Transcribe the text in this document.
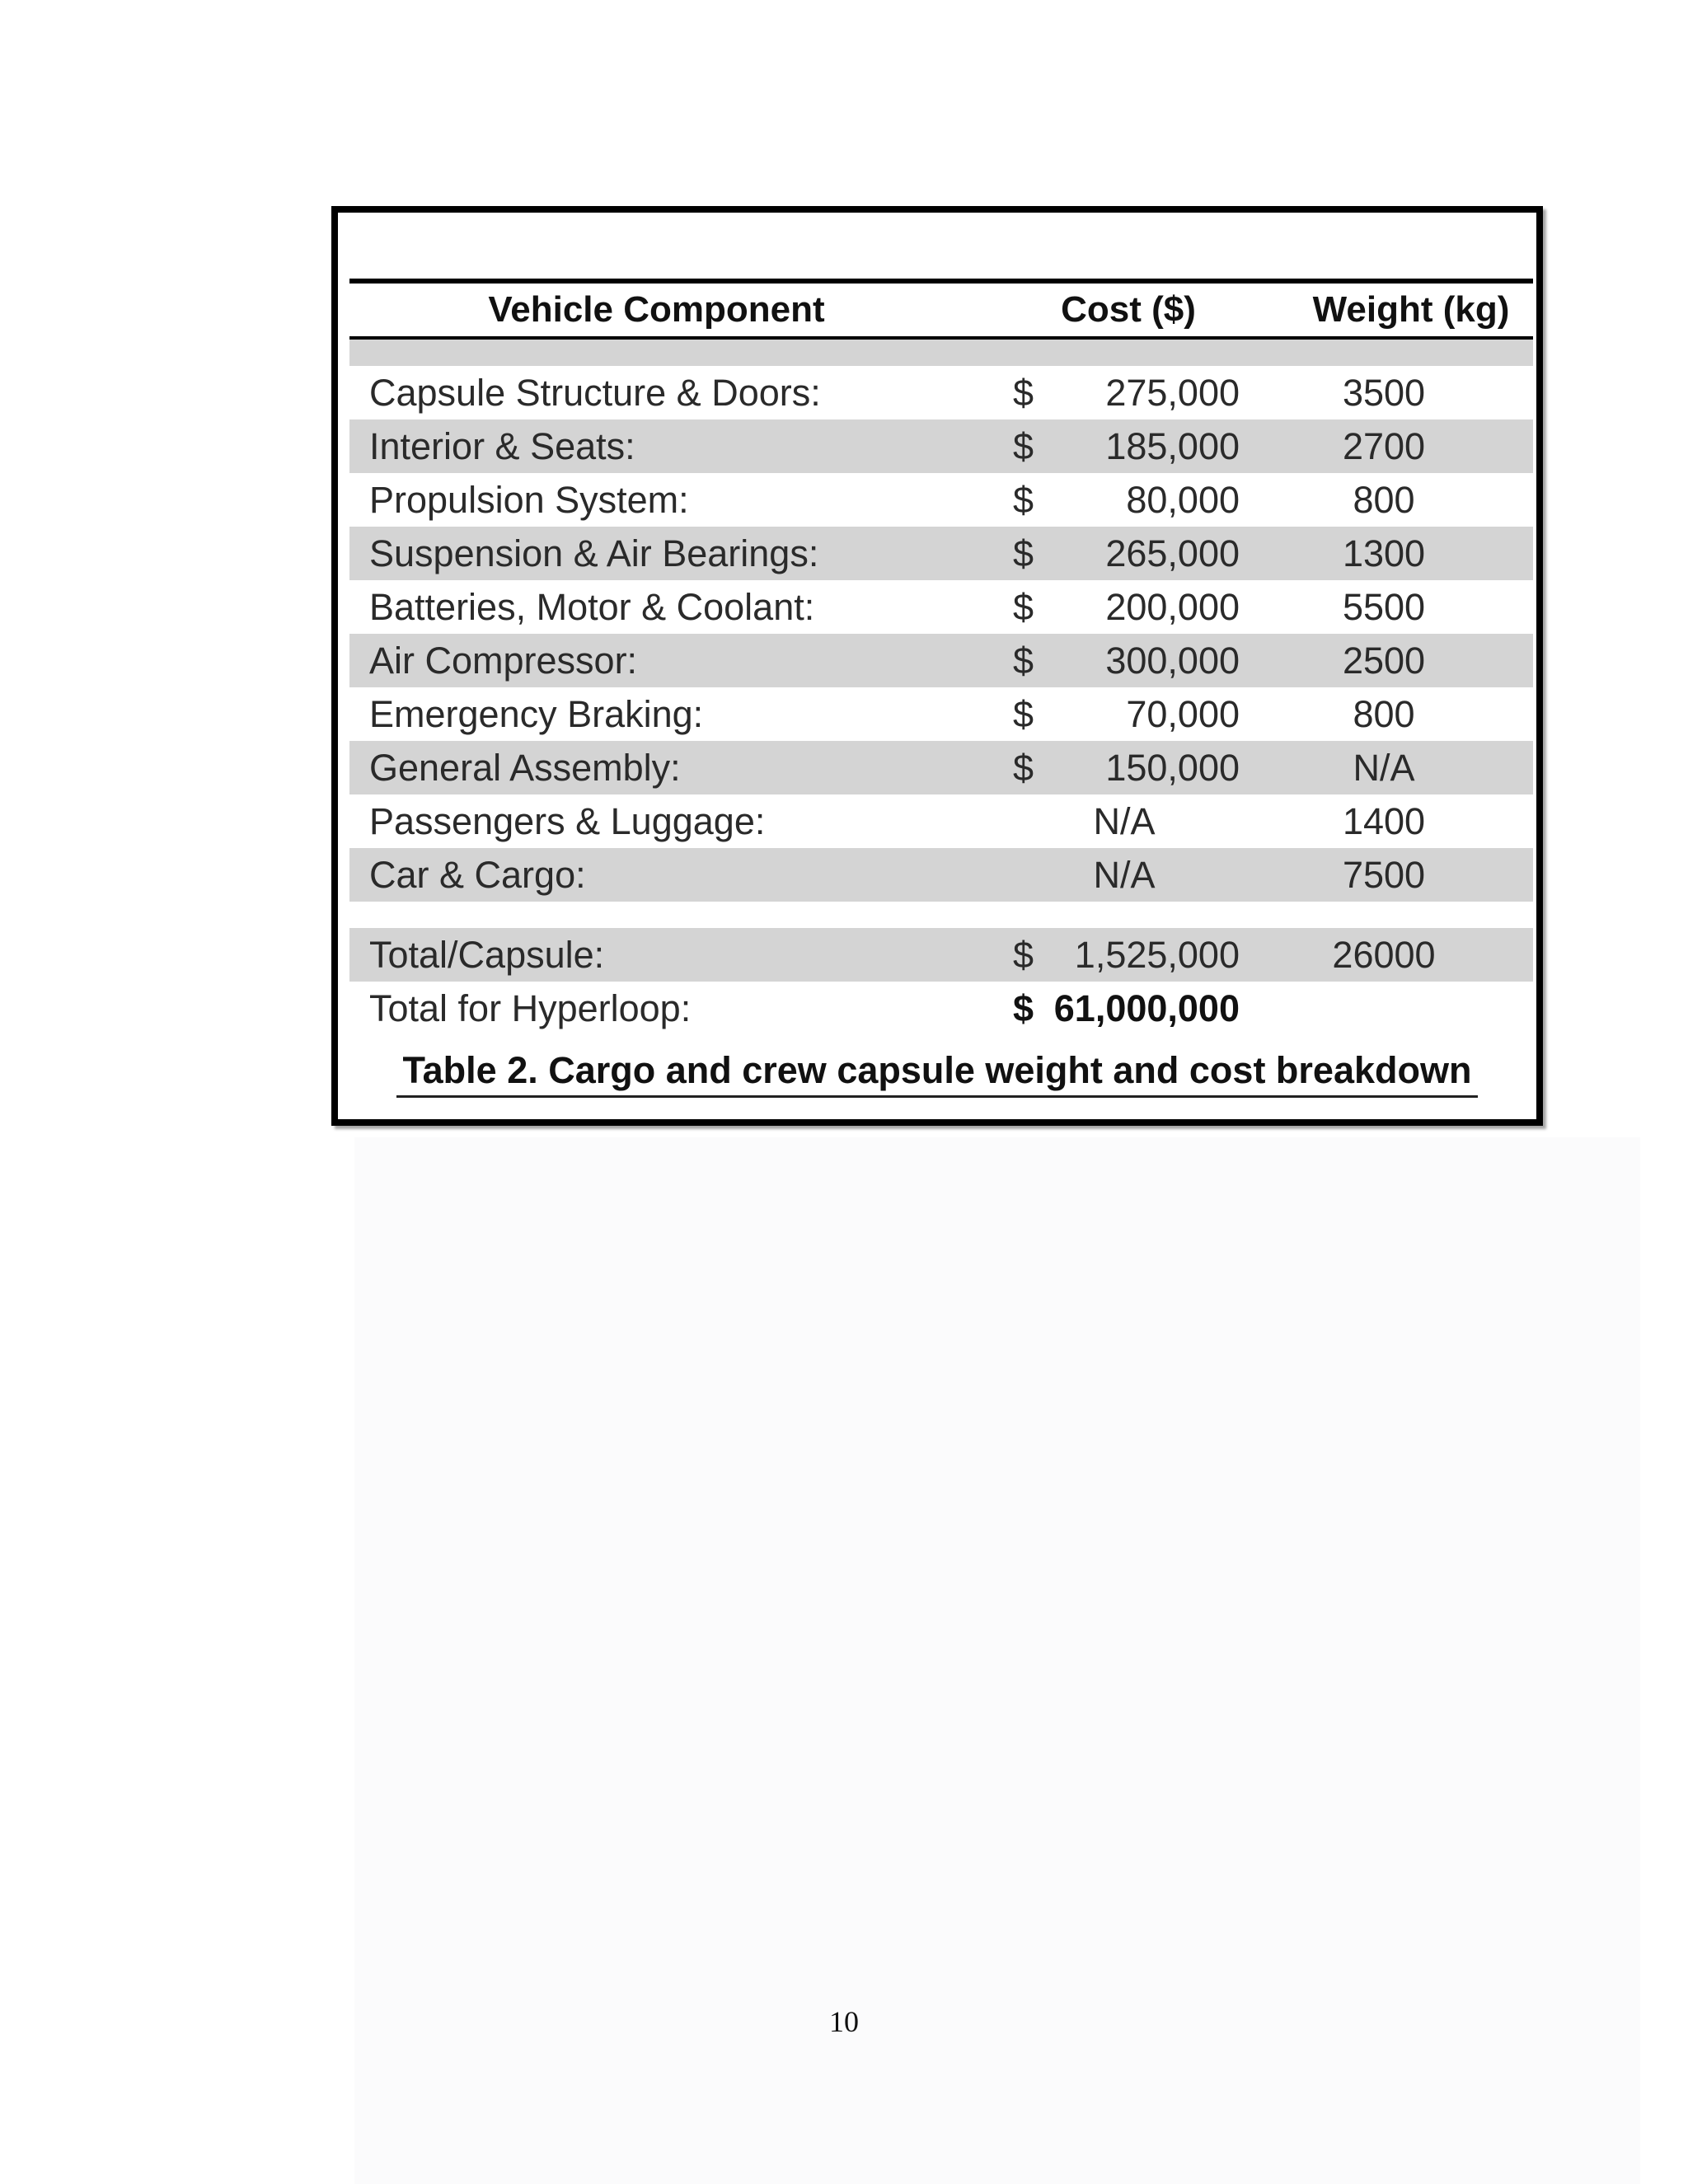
Vehicle Component	Cost ($)	Weight (kg)
Capsule Structure & Doors:	$	275,000	3500
Interior & Seats:	$	185,000	2700
Propulsion System:	$	80,000	800
Suspension & Air Bearings:	$	265,000	1300
Batteries, Motor & Coolant:	$	200,000	5500
Air Compressor:	$	300,000	2500
Emergency Braking:	$	70,000	800
General Assembly:	$	150,000	N/A
Passengers & Luggage:	N/A	1400
Car & Cargo:	N/A	7500
Total/Capsule:	$	1,525,000	26000
Total for Hyperloop:	$ 61,000,000
Table 2. Cargo and crew capsule weight and cost breakdown
10
